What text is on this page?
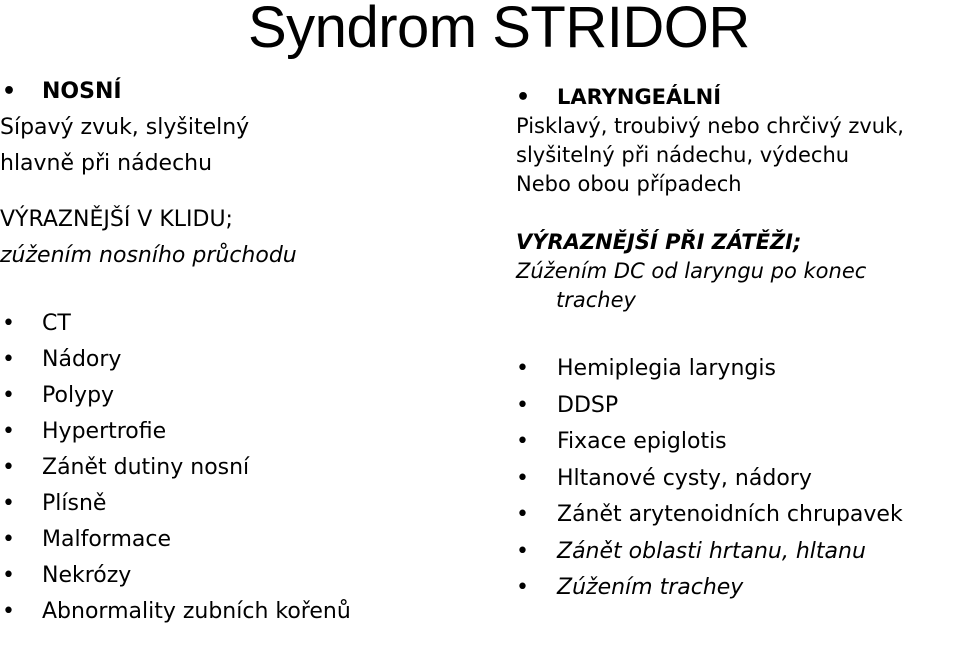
Syndrom STRIDOR
• NOSNÍ
Sípavý zvuk, slyšitelný
hlavně při nádechu
VÝRAZNĚJŠÍ V KLIDU;
zúžením nosního průchodu
• CT
• Nádory
• Polypy
• Hypertrofie
• Zánět dutiny nosní
• Plísně
• Malformace
• Nekrózy
• Abnormality zubních kořenů
• LARYNGEÁLNÍ
Pisklavý, troubivý nebo chrčivý zvuk,
slyšitelný při nádechu, výdechu
Nebo obou případech
VÝRAZNĚJŠÍ PŘI ZÁTĚŽI;
Zúžením DC od laryngu po konec
trachey
• Hemiplegia laryngis
• DDSP
• Fixace epiglotis
• Hltanové cysty, nádory
• Zánět arytenoidních chrupavek
• Zánět oblasti hrtanu, hltanu
• Zúžením trachey
